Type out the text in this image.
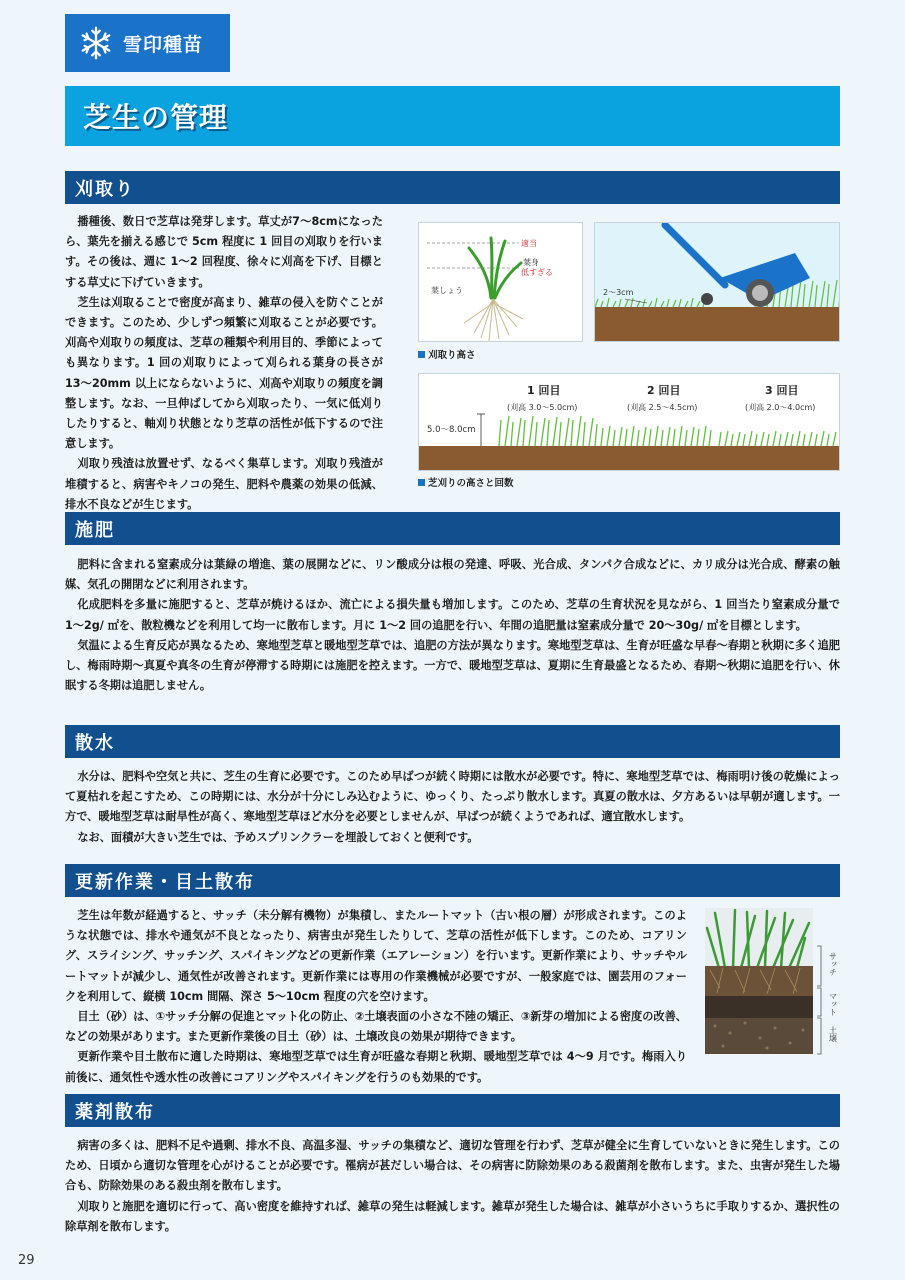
雪印種苗
芝生の管理
刈取り

播種後、数日で芝草は発芽します。草丈が7〜8cmになったら、葉先を揃える感じで 5cm 程度に 1 回目の刈取りを行います。その後は、週に 1〜2 回程度、徐々に刈高を下げ、目標とする草丈に下げていきます。

芝生は刈取ることで密度が高まり、雑草の侵入を防ぐことができます。このため、少しずつ頻繁に刈取ることが必要です。刈高や刈取りの頻度は、芝草の種類や利用目的、季節によっても異なります。1 回の刈取りによって刈られる葉身の長さが 13〜20mm 以上にならないように、刈高や刈取りの頻度を調整します。なお、一旦伸ばしてから刈取ったり、一気に低刈りしたりすると、軸刈り状態となり芝草の活性が低下するので注意します。

刈取り残渣は放置せず、なるべく集草します。刈取り残渣が堆積すると、病害やキノコの発生、肥料や農薬の効果の低減、排水不良などが生じます。

適当
葉身
低すぎる
葉しょう	2〜3cm
刈取り高さ
5.0〜8.0cm
1 回目
(刈高 3.0〜5.0cm)
2 回目
(刈高 2.5〜4.5cm)
3 回目
(刈高 2.0〜4.0cm)
芝刈りの高さと回数
施肥

肥料に含まれる窒素成分は葉緑の増進、葉の展開などに、リン酸成分は根の発達、呼吸、光合成、タンパク合成などに、カリ成分は光合成、酵素の触媒、気孔の開閉などに利用されます。

化成肥料を多量に施肥すると、芝草が焼けるほか、流亡による損失量も増加します。このため、芝草の生育状況を見ながら、1 回当たり窒素成分量で 1〜2g/ ㎡を、散粒機などを利用して均一に散布します。月に 1〜2 回の追肥を行い、年間の追肥量は窒素成分量で 20〜30g/ ㎡を目標とします。

気温による生育反応が異なるため、寒地型芝草と暖地型芝草では、追肥の方法が異なります。寒地型芝草は、生育が旺盛な早春〜春期と秋期に多く追肥し、梅雨時期〜真夏や真冬の生育が停滞する時期には施肥を控えます。一方で、暖地型芝草は、夏期に生育最盛となるため、春期〜秋期に追肥を行い、休眠する冬期は追肥しません。

散水

水分は、肥料や空気と共に、芝生の生育に必要です。このため早ばつが続く時期には散水が必要です。特に、寒地型芝草では、梅雨明け後の乾燥によって夏枯れを起こすため、この時期には、水分が十分にしみ込むように、ゆっくり、たっぷり散水します。真夏の散水は、夕方あるいは早朝が適します。一方で、暖地型芝草は耐旱性が高く、寒地型芝草ほど水分を必要としませんが、早ばつが続くようであれば、適宜散水します。

なお、面積が大きい芝生では、予めスプリンクラーを埋設しておくと便利です。

更新作業・目土散布

芝生は年数が経過すると、サッチ（未分解有機物）が集積し、またルートマット（古い根の層）が形成されます。このような状態では、排水や通気が不良となったり、病害虫が発生したりして、芝草の活性が低下します。このため、コアリング、スライシング、サッチング、スパイキングなどの更新作業（エアレーション）を行います。更新作業により、サッチやルートマットが減少し、通気性が改善されます。更新作業には専用の作業機械が必要ですが、一般家庭では、園芸用のフォークを利用して、縦横 10cm 間隔、深さ 5〜10cm 程度の穴を空けます。

目土（砂）は、①サッチ分解の促進とマット化の防止、②土壌表面の小さな不陸の矯正、③新芽の増加による密度の改善、などの効果があります。また更新作業後の目土（砂）は、土壌改良の効果が期待できます。

更新作業や目土散布に適した時期は、寒地型芝草では生育が旺盛な春期と秋期、暖地型芝草では 4〜9 月です。梅雨入り前後に、通気性や透水性の改善にコアリングやスパイキングを行うのも効果的です。

サッチ
マット
土壌
薬剤散布

病害の多くは、肥料不足や過剰、排水不良、高温多湿、サッチの集積など、適切な管理を行わず、芝草が健全に生育していないときに発生します。このため、日頃から適切な管理を心がけることが必要です。罹病が甚だしい場合は、その病害に防除効果のある殺菌剤を散布します。また、虫害が発生した場合も、防除効果のある殺虫剤を散布します。

刈取りと施肥を適切に行って、高い密度を維持すれば、雑草の発生は軽減します。雑草が発生した場合は、雑草が小さいうちに手取りするか、選択性の除草剤を散布します。

29
